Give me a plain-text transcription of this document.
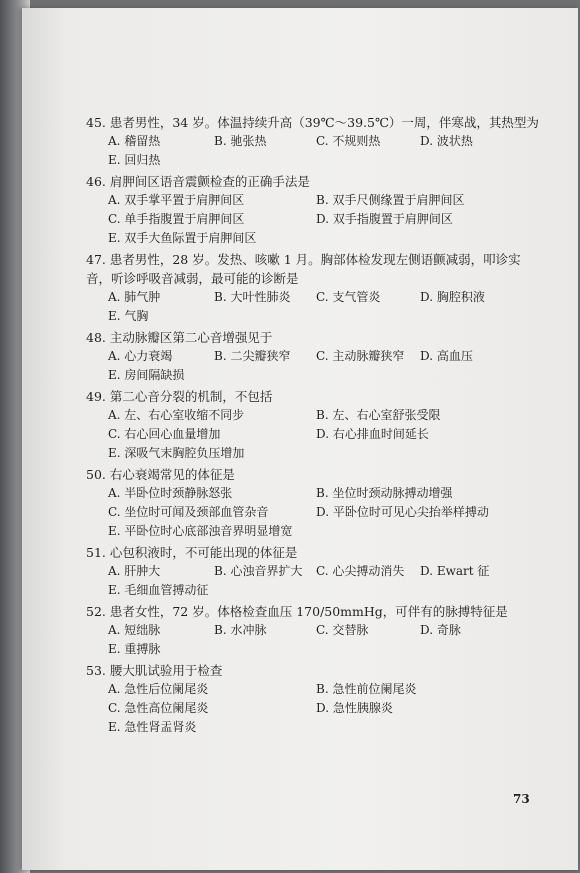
45. 患者男性，34 岁。体温持续升高（39℃～39.5℃）一周，伴寒战，其热型为
A. 稽留热	B. 驰张热	C. 不规则热	D. 波状热
E. 回归热
46. 肩胛间区语音震颤检查的正确手法是
A. 双手掌平置于肩胛间区	B. 双手尺侧缘置于肩胛间区
C. 单手指腹置于肩胛间区	D. 双手指腹置于肩胛间区
E. 双手大鱼际置于肩胛间区
47. 患者男性，28 岁。发热、咳嗽 1 月。胸部体检发现左侧语颤减弱，叩诊实音，听诊呼吸音减弱，最可能的诊断是
A. 肺气肿	B. 大叶性肺炎 C. 支气管炎	D. 胸腔积液
E. 气胸
48. 主动脉瓣区第二心音增强见于
A. 心力衰竭	B. 二尖瓣狭窄 C. 主动脉瓣狭窄 D. 高血压
E. 房间隔缺损
49. 第二心音分裂的机制，不包括
A. 左、右心室收缩不同步	B. 左、右心室舒张受限
C. 右心回心血量增加	D. 右心排血时间延长
E. 深吸气末胸腔负压增加
50. 右心衰竭常见的体征是
A. 半卧位时颈静脉怒张	B. 坐位时颈动脉搏动增强
C. 坐位时可闻及颈部血管杂音	D. 平卧位时可见心尖抬举样搏动
E. 平卧位时心底部浊音界明显增宽
51. 心包积液时，不可能出现的体征是
A. 肝肿大	B. 心浊音界扩大 C. 心尖搏动消失 D. Ewart 征
E. 毛细血管搏动征
52. 患者女性，72 岁。体格检查血压 170/50mmHg，可伴有的脉搏特征是
A. 短绌脉	B. 水冲脉	C. 交替脉	D. 奇脉
E. 重搏脉
53. 腰大肌试验用于检查
A. 急性后位阑尾炎	B. 急性前位阑尾炎
C. 急性高位阑尾炎	D. 急性胰腺炎
E. 急性肾盂肾炎
73
